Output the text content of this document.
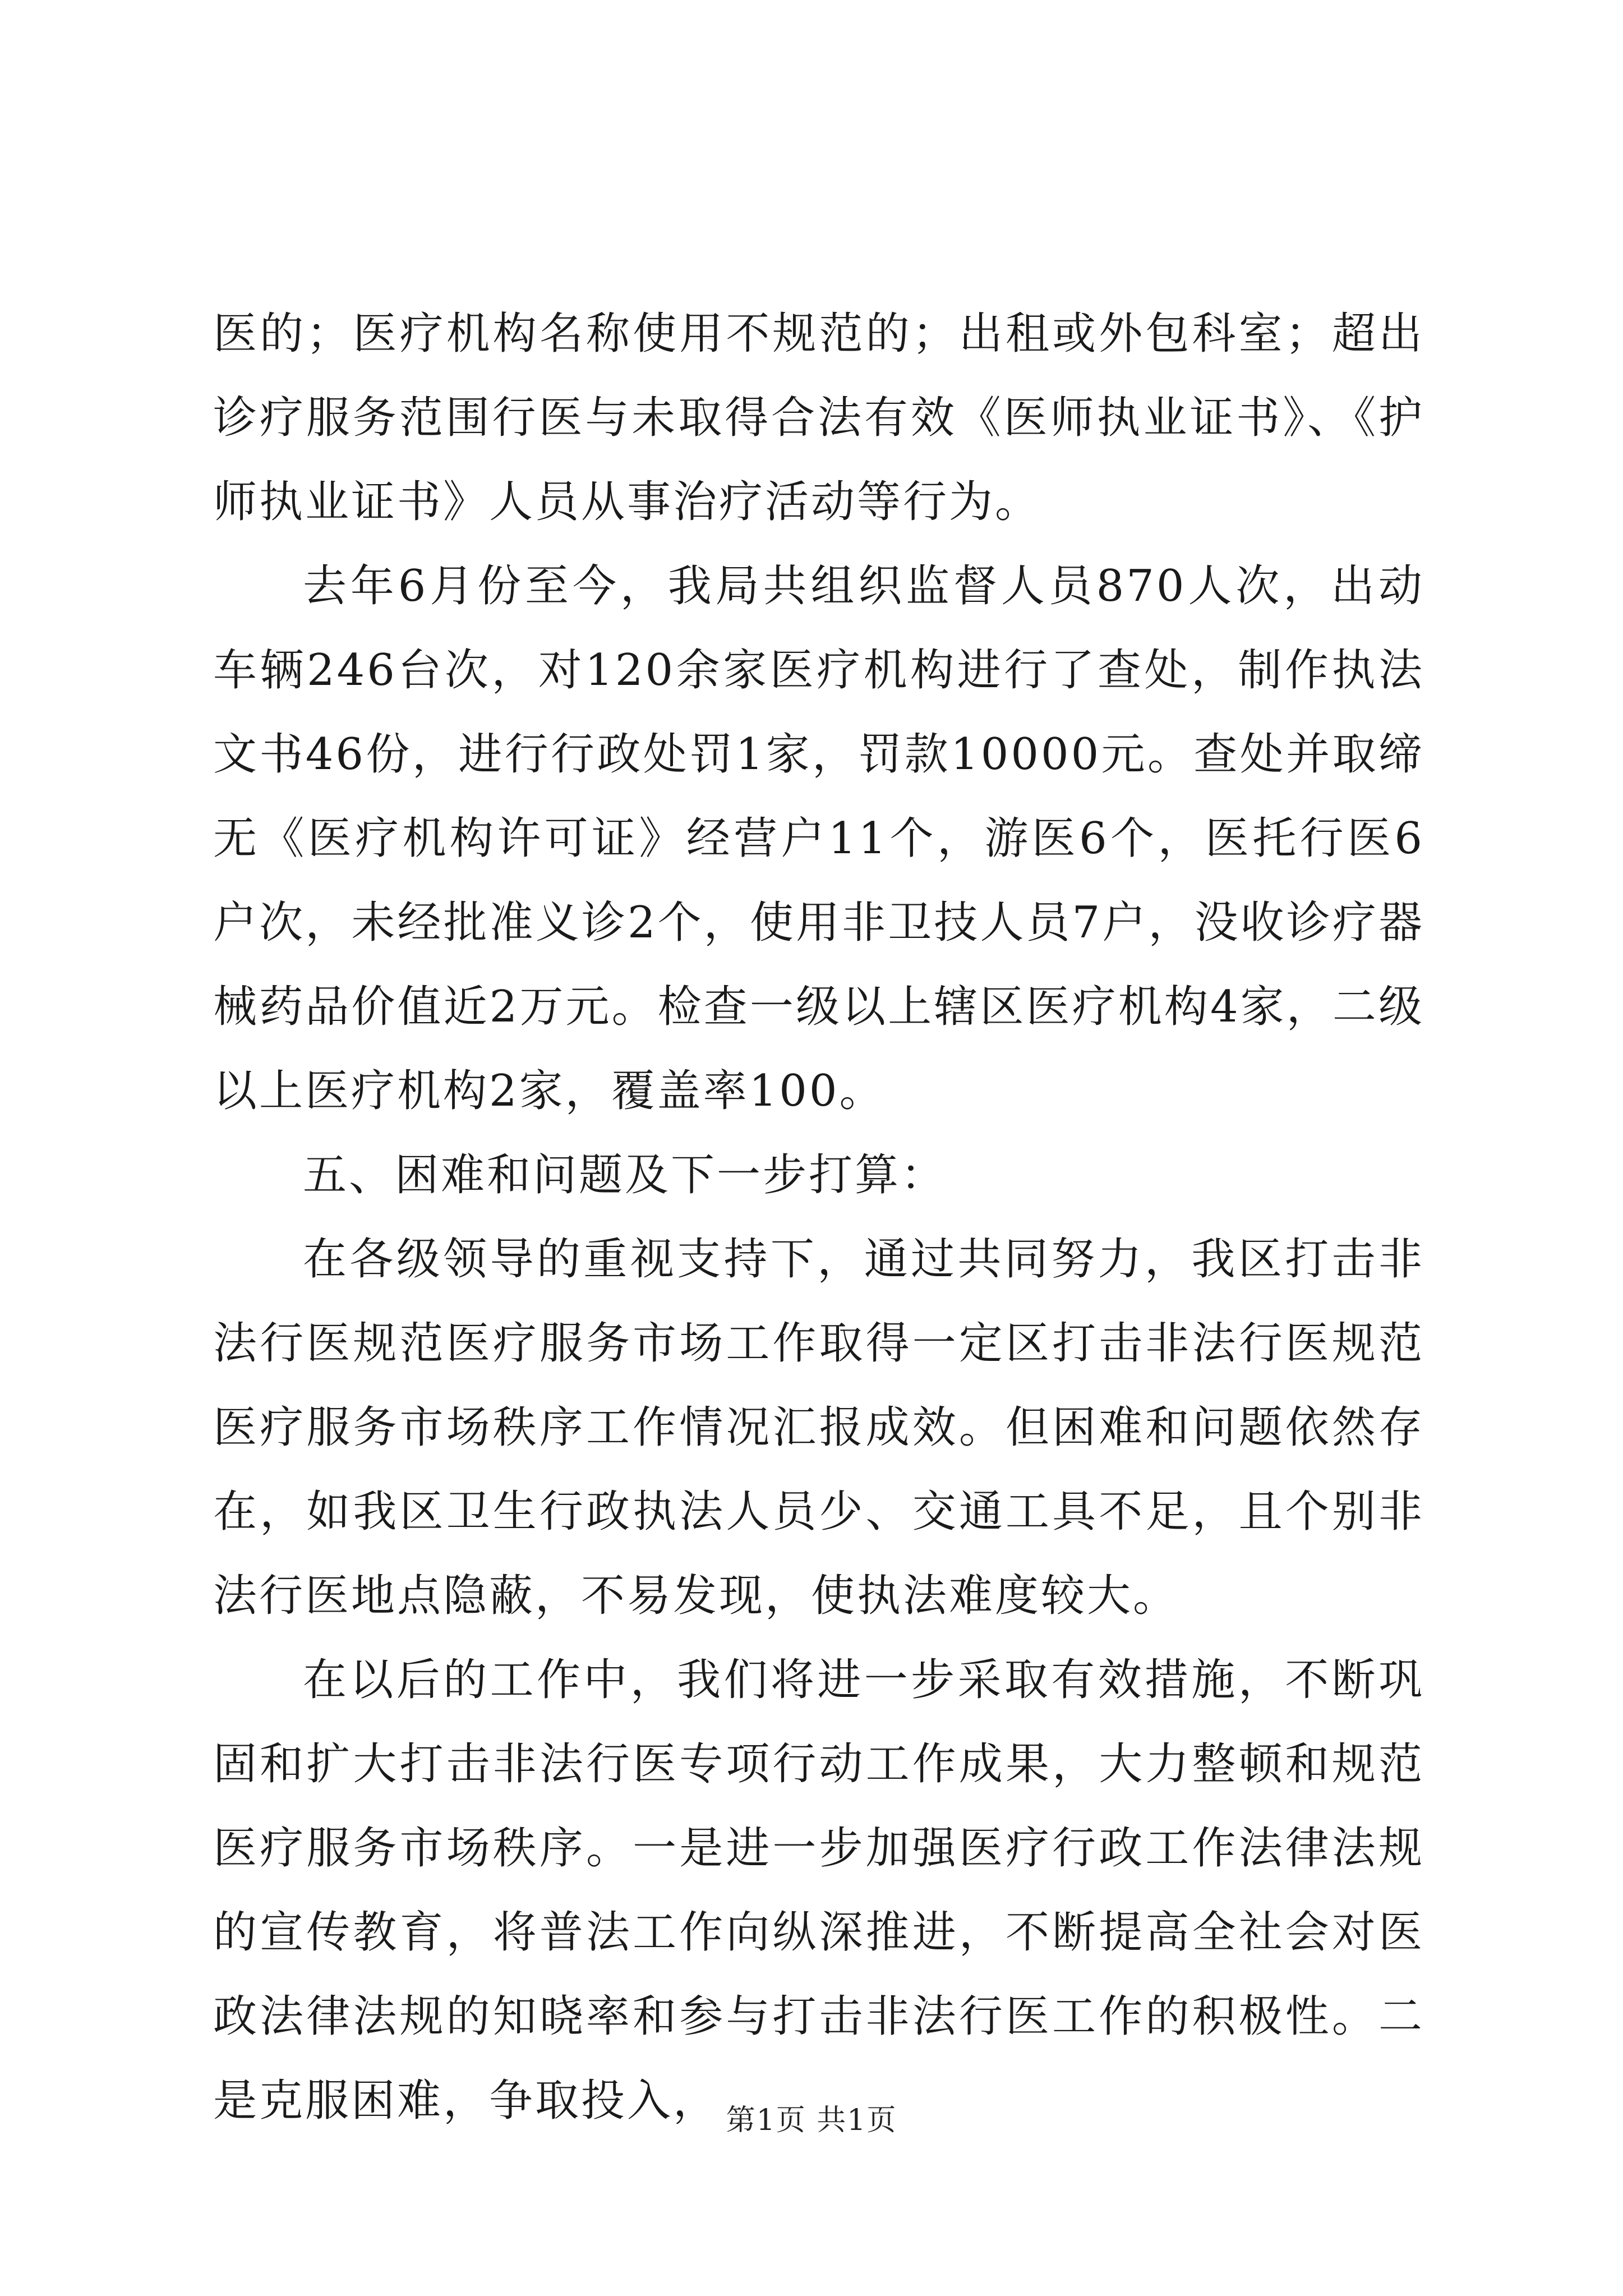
医的；医疗机构名称使用不规范的；出租或外包科室；超出诊疗服务范围行医与未取得合法有效《医师执业证书》、《护师执业证书》人员从事治疗活动等行为。

去年6月份至今，我局共组织监督人员870人次，出动车辆246台次，对120余家医疗机构进行了查处，制作执法文书46份，进行行政处罚1家，罚款10000元。查处并取缔无《医疗机构许可证》经营户11个，游医6个，医托行医6户次，未经批准义诊2个，使用非卫技人员7户，没收诊疗器械药品价值近2万元。检查一级以上辖区医疗机构4家，二级以上医疗机构2家，覆盖率100。

五、困难和问题及下一步打算：

在各级领导的重视支持下，通过共同努力，我区打击非法行医规范医疗服务市场工作取得一定区打击非法行医规范医疗服务市场秩序工作情况汇报成效。但困难和问题依然存在，如我区卫生行政执法人员少、交通工具不足，且个别非法行医地点隐蔽，不易发现，使执法难度较大。

在以后的工作中，我们将进一步采取有效措施，不断巩固和扩大打击非法行医专项行动工作成果，大力整顿和规范医疗服务市场秩序。一是进一步加强医疗行政工作法律法规的宣传教育，将普法工作向纵深推进，不断提高全社会对医政法律法规的知晓率和参与打击非法行医工作的积极性。二是克服困难，争取投入， 第1页 共1页
